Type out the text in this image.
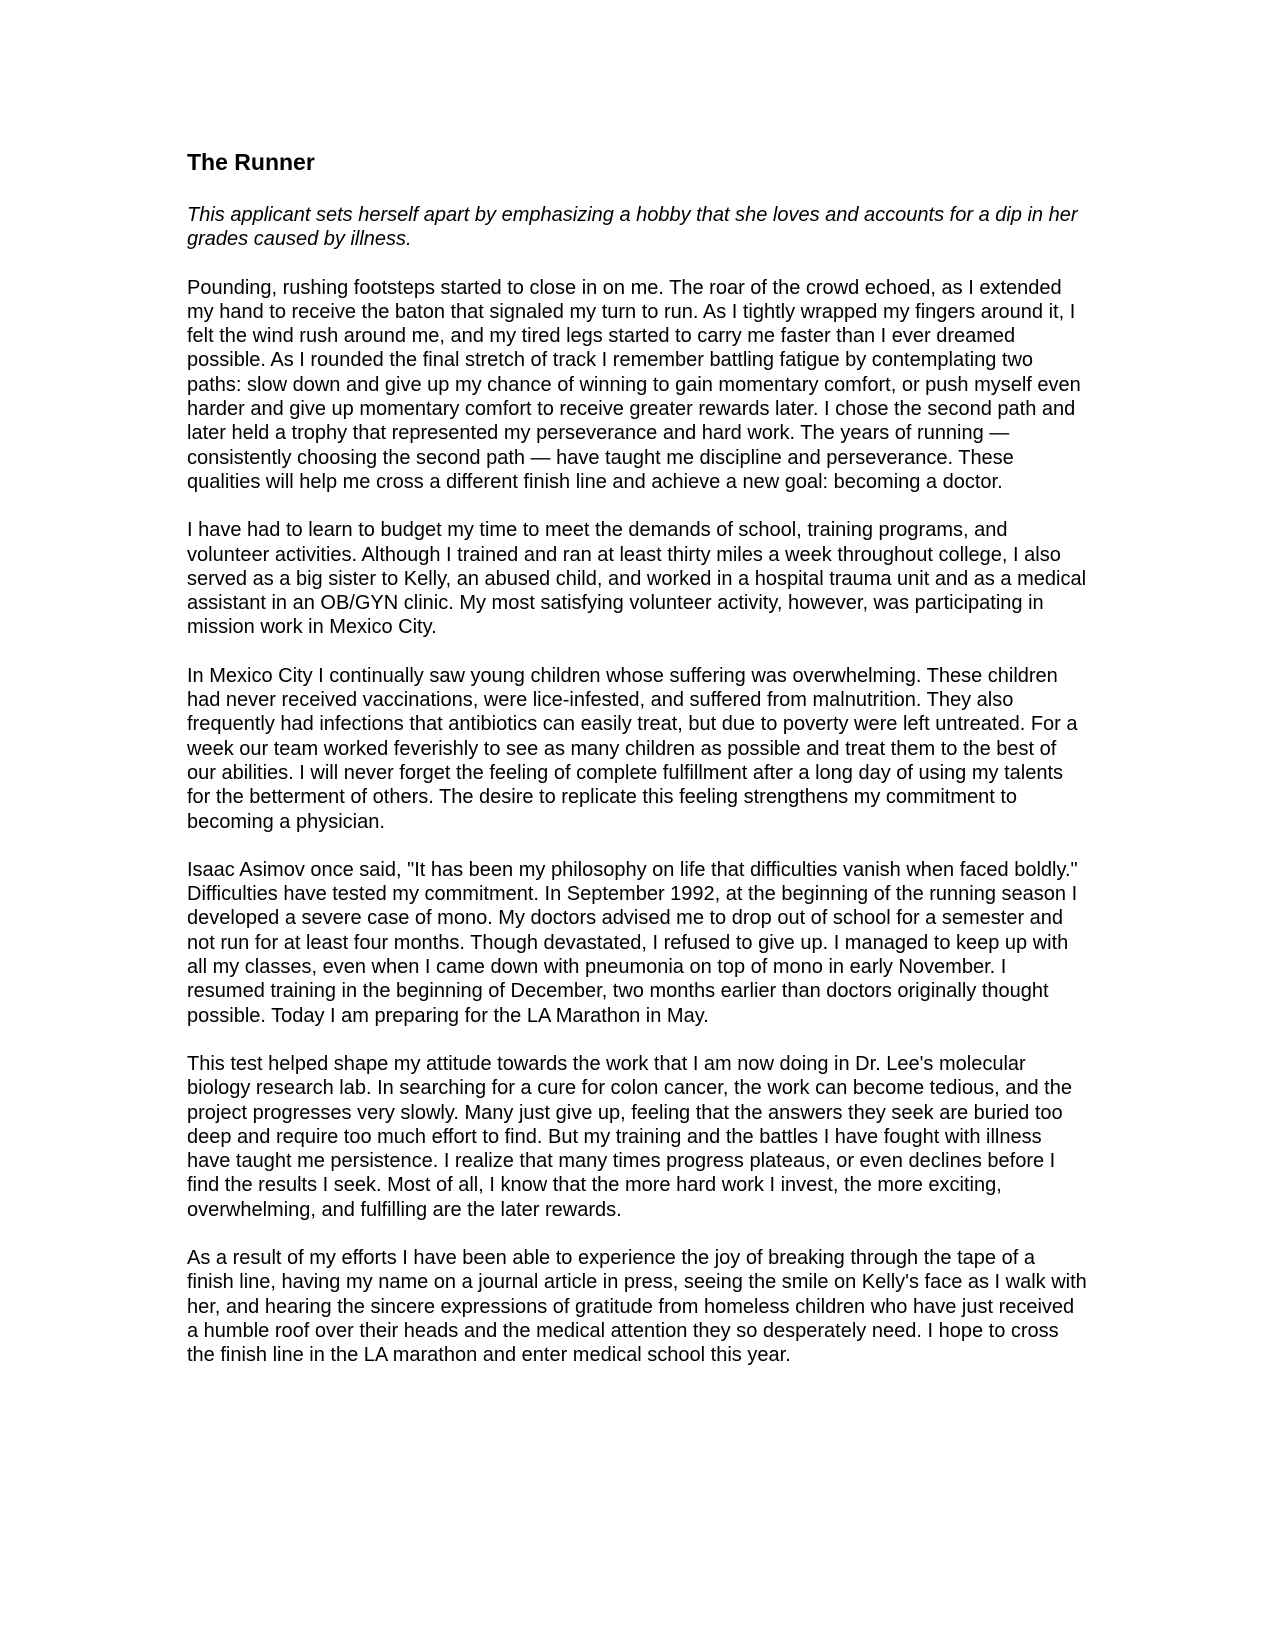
The Runner

This applicant sets herself apart by emphasizing a hobby that she loves and accounts for a dip in her grades caused by illness.

Pounding, rushing footsteps started to close in on me. The roar of the crowd echoed, as I extended my hand to receive the baton that signaled my turn to run. As I tightly wrapped my fingers around it, I felt the wind rush around me, and my tired legs started to carry me faster than I ever dreamed possible. As I rounded the final stretch of track I remember battling fatigue by contemplating two paths: slow down and give up my chance of winning to gain momentary comfort, or push myself even harder and give up momentary comfort to receive greater rewards later. I chose the second path and later held a trophy that represented my perseverance and hard work. The years of running — consistently choosing the second path — have taught me discipline and perseverance. These qualities will help me cross a different finish line and achieve a new goal: becoming a doctor.

I have had to learn to budget my time to meet the demands of school, training programs, and volunteer activities. Although I trained and ran at least thirty miles a week throughout college, I also served as a big sister to Kelly, an abused child, and worked in a hospital trauma unit and as a medical assistant in an OB/GYN clinic. My most satisfying volunteer activity, however, was participating in mission work in Mexico City.

In Mexico City I continually saw young children whose suffering was overwhelming. These children had never received vaccinations, were lice-infested, and suffered from malnutrition. They also frequently had infections that antibiotics can easily treat, but due to poverty were left untreated. For a week our team worked feverishly to see as many children as possible and treat them to the best of our abilities. I will never forget the feeling of complete fulfillment after a long day of using my talents for the betterment of others. The desire to replicate this feeling strengthens my commitment to becoming a physician.

Isaac Asimov once said, "It has been my philosophy on life that difficulties vanish when faced boldly." Difficulties have tested my commitment. In September 1992, at the beginning of the running season I developed a severe case of mono. My doctors advised me to drop out of school for a semester and not run for at least four months. Though devastated, I refused to give up. I managed to keep up with all my classes, even when I came down with pneumonia on top of mono in early November. I resumed training in the beginning of December, two months earlier than doctors originally thought possible. Today I am preparing for the LA Marathon in May.

This test helped shape my attitude towards the work that I am now doing in Dr. Lee's molecular biology research lab. In searching for a cure for colon cancer, the work can become tedious, and the project progresses very slowly. Many just give up, feeling that the answers they seek are buried too deep and require too much effort to find. But my training and the battles I have fought with illness have taught me persistence. I realize that many times progress plateaus, or even declines before I find the results I seek. Most of all, I know that the more hard work I invest, the more exciting, overwhelming, and fulfilling are the later rewards.

As a result of my efforts I have been able to experience the joy of breaking through the tape of a finish line, having my name on a journal article in press, seeing the smile on Kelly's face as I walk with her, and hearing the sincere expressions of gratitude from homeless children who have just received a humble roof over their heads and the medical attention they so desperately need. I hope to cross the finish line in the LA marathon and enter medical school this year.
